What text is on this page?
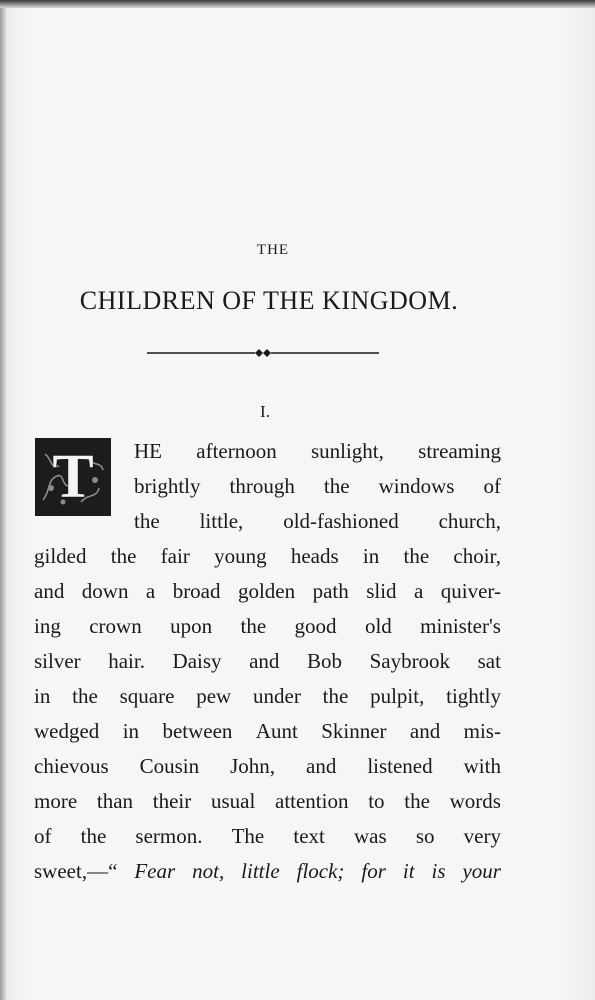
THE
CHILDREN OF THE KINGDOM.
I.
T	HE afternoon sunlight, streaming
brightly through the windows of
the little, old-fashioned church,
gilded the fair young heads in the choir,
and down a broad golden path slid a quiver-
ing crown upon the good old minister's
silver hair. Daisy and Bob Saybrook sat
in the square pew under the pulpit, tightly
wedged in between Aunt Skinner and mis-
chievous Cousin John, and listened with
more than their usual attention to the words
of the sermon. The text was so very
sweet,—“ Fear not, little flock; for it is your
